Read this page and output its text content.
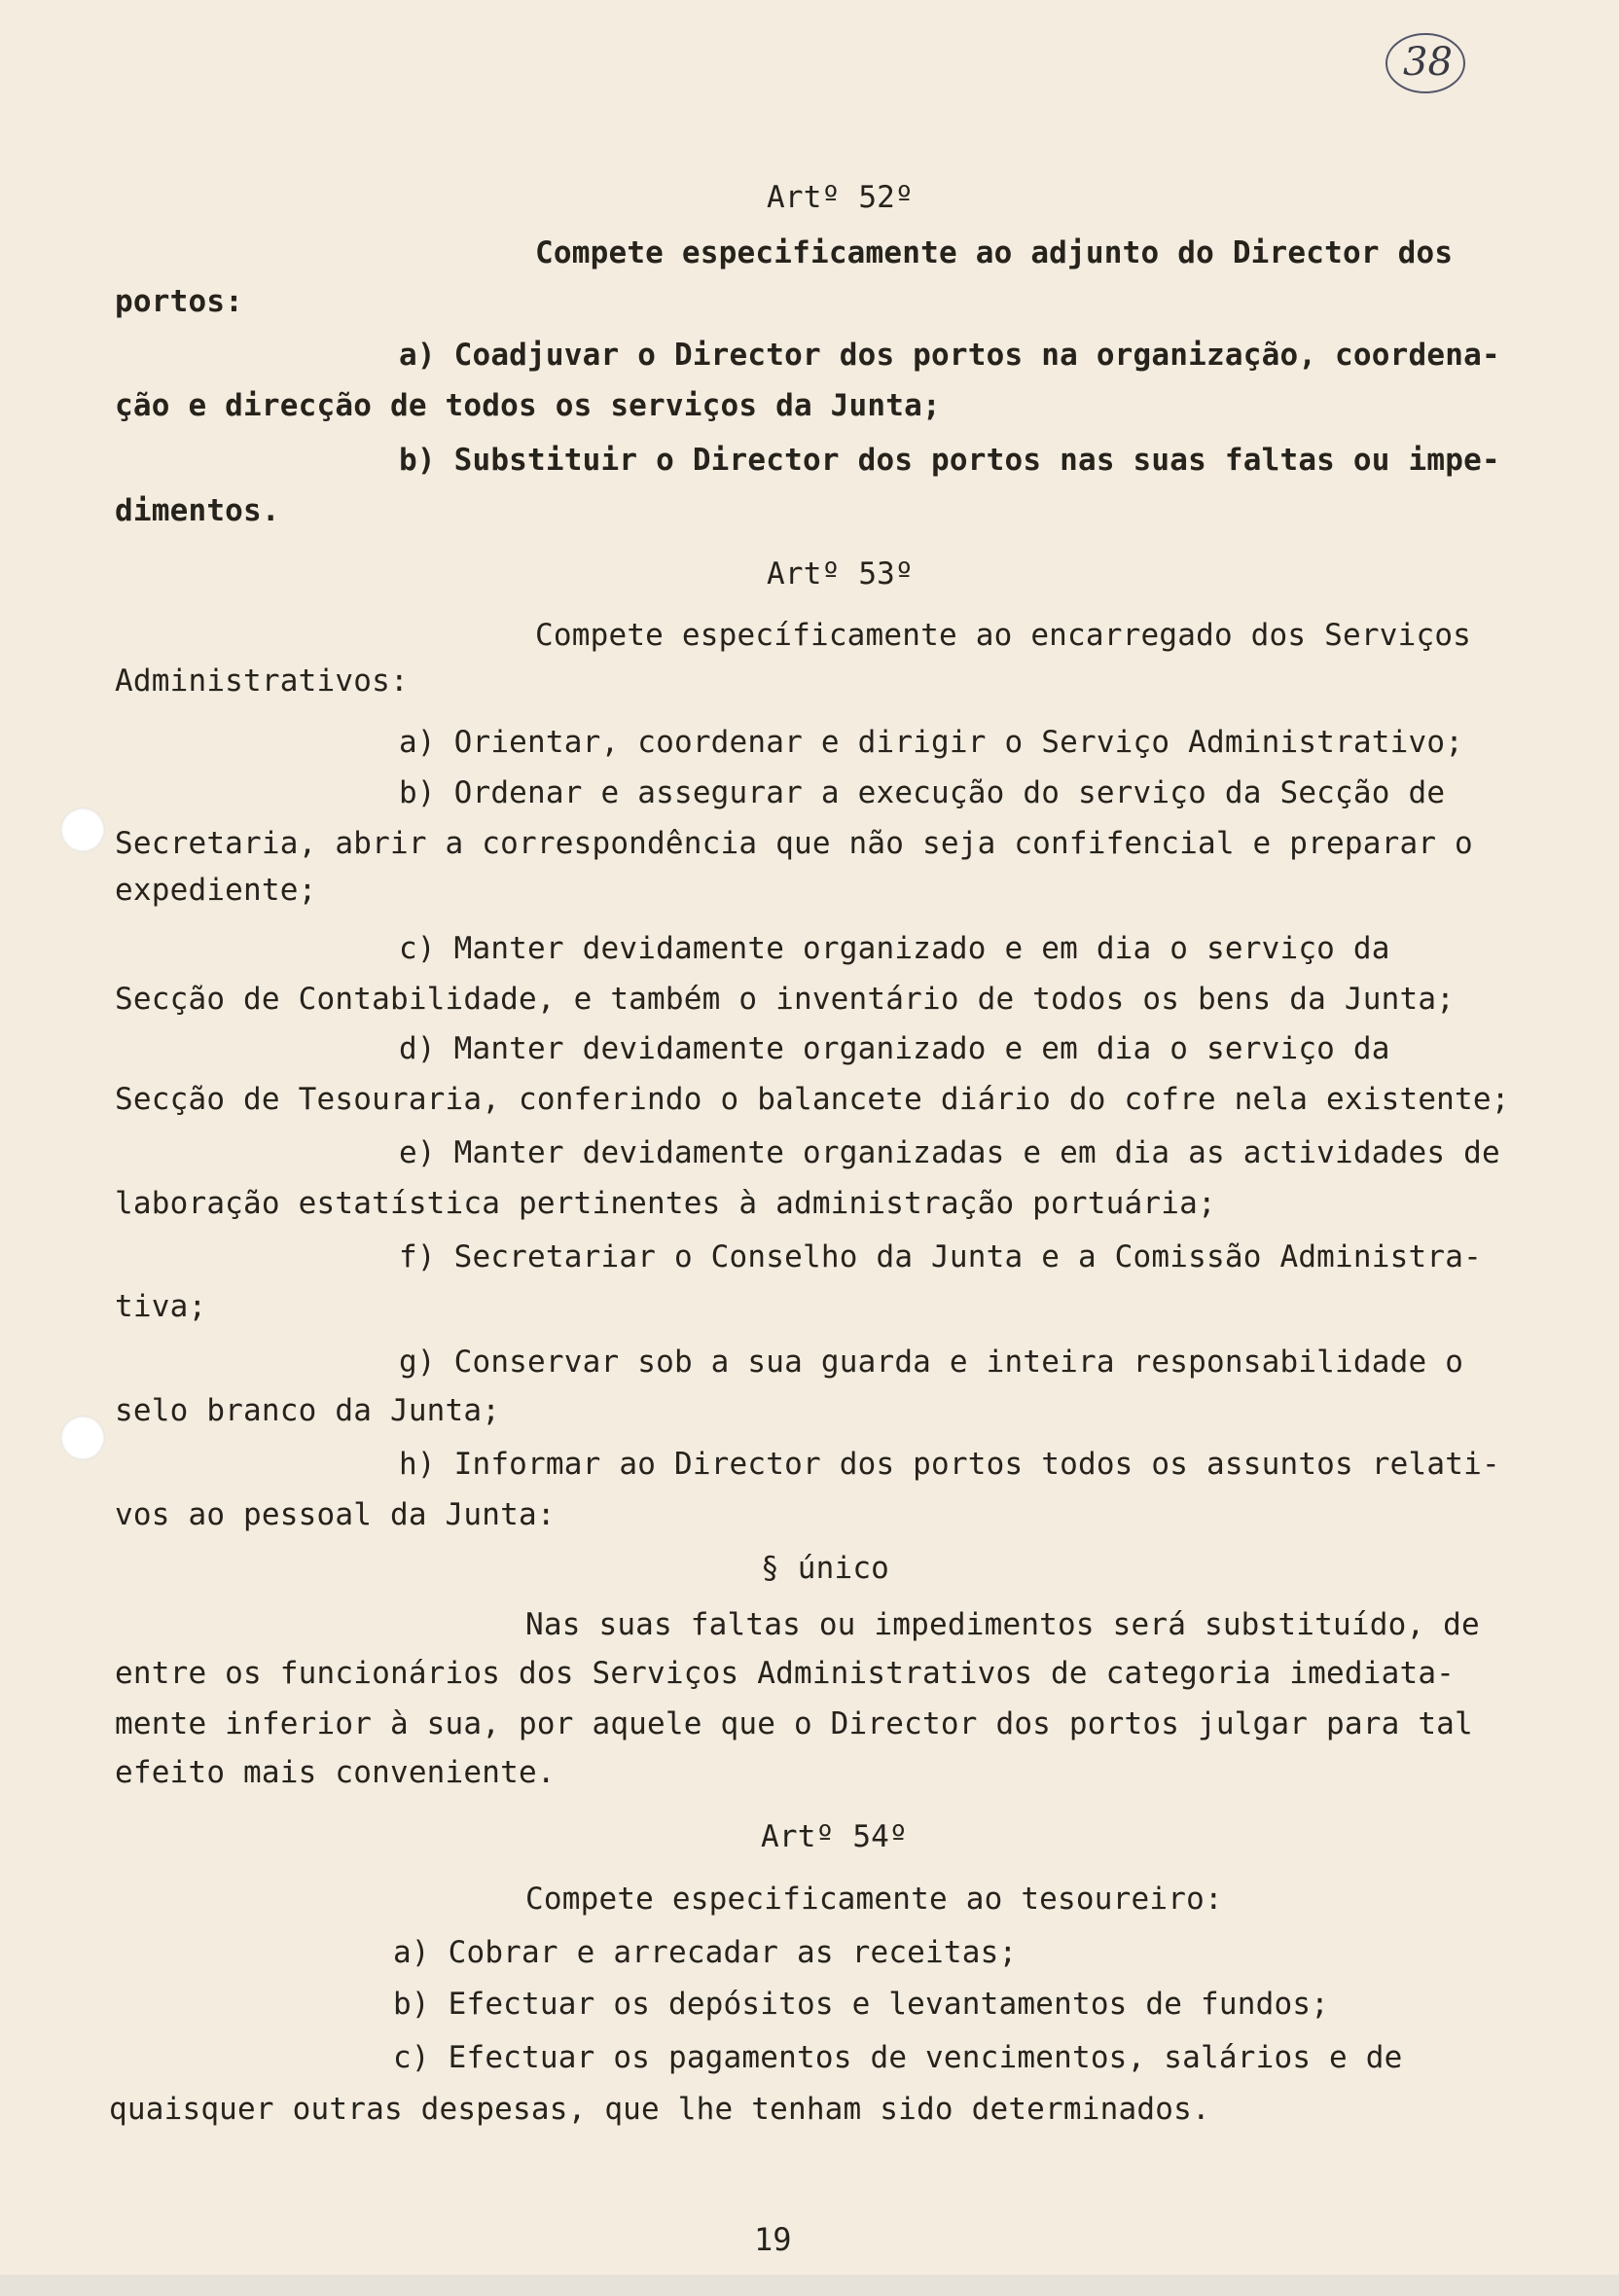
38
Artº 52º
Compete especificamente ao adjunto do Director dos
portos:
a) Coadjuvar o Director dos portos na organização, coordena-
ção e direcção de todos os serviços da Junta;
b) Substituir o Director dos portos nas suas faltas ou impe-
dimentos.
Artº 53º
Compete específicamente ao encarregado dos Serviços
Administrativos:
a) Orientar, coordenar e dirigir o Serviço Administrativo;
b) Ordenar e assegurar a execução do serviço da Secção de
Secretaria, abrir a correspondência que não seja confifencial e preparar o
expediente;
c) Manter devidamente organizado e em dia o serviço da
Secção de Contabilidade, e também o inventário de todos os bens da Junta;
d) Manter devidamente organizado e em dia o serviço da
Secção de Tesouraria, conferindo o balancete diário do cofre nela existente;
e) Manter devidamente organizadas e em dia as actividades de
laboração estatística pertinentes à administração portuária;
f) Secretariar o Conselho da Junta e a Comissão Administra-
tiva;
g) Conservar sob a sua guarda e inteira responsabilidade o
selo branco da Junta;
h) Informar ao Director dos portos todos os assuntos relati-
vos ao pessoal da Junta:
§ único
Nas suas faltas ou impedimentos será substituído, de
entre os funcionários dos Serviços Administrativos de categoria imediata-
mente inferior à sua, por aquele que o Director dos portos julgar para tal
efeito mais conveniente.
Artº 54º
Compete especificamente ao tesoureiro:
a) Cobrar e arrecadar as receitas;
b) Efectuar os depósitos e levantamentos de fundos;
c) Efectuar os pagamentos de vencimentos, salários e de
quaisquer outras despesas, que lhe tenham sido determinados.
19
